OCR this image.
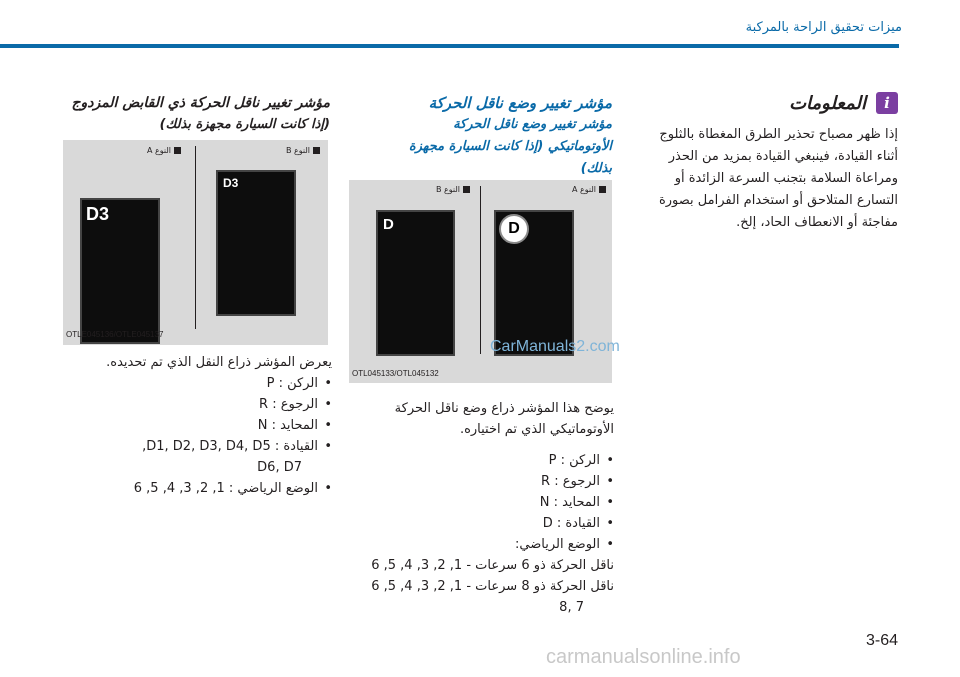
ميزات تحقيق الراحة بالمركبة
i
المعلومات
إذا ظهر مصباح تحذير الطرق المغطاة بالثلوج أثناء القيادة، فينبغي القيادة بمزيد من الحذر ومراعاة السلامة بتجنب السرعة الزائدة أو التسارع المتلاحق أو استخدام الفرامل بصورة مفاجئة أو الانعطاف الحاد، إلخ.
مؤشر تغيير وضع ناقل الحركة
مؤشر تغيير وضع ناقل الحركة
الأوتوماتيكي (إذا كانت السيارة مجهزة
بذلك)
النوع A
النوع B
D	D
OTL045133/OTL045132
CarManuals2.com
يوضح هذا المؤشر ذراع وضع ناقل الحركة الأوتوماتيكي الذي تم اختياره.
• الركن : P
• الرجوع : R
• المحايد : N
• القيادة : D
• الوضع الرياضي:
ناقل الحركة ذو 6 سرعات - 1, 2, 3, 4, 5, 6
ناقل الحركة ذو 8 سرعات - 1, 2, 3, 4, 5, 6
7 ,8
مؤشر تغيير ناقل الحركة ذي القابض المزدوج
(إذا كانت السيارة مجهزة بذلك)
النوع B
النوع A
D3
D3
OTLE045136/OTLE045137
يعرض المؤشر ذراع النقل الذي تم تحديده.
• الركن : P
• الرجوع : R
• المحايد : N
• القيادة : D1, D2, D3, D4, D5,
D6, D7
• الوضع الرياضي : 1, 2, 3, 4, 5, 6
3-64
carmanualsonline.info
